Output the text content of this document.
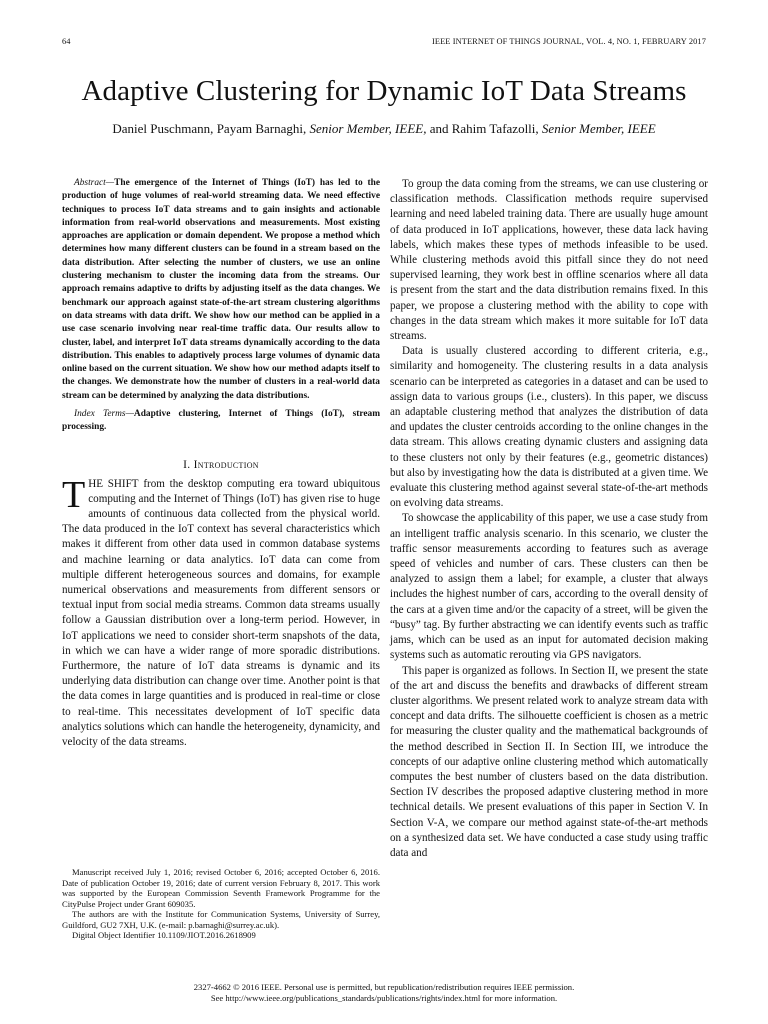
64	IEEE INTERNET OF THINGS JOURNAL, VOL. 4, NO. 1, FEBRUARY 2017
Adaptive Clustering for Dynamic IoT Data Streams
Daniel Puschmann, Payam Barnaghi, Senior Member, IEEE, and Rahim Tafazolli, Senior Member, IEEE

Abstract—The emergence of the Internet of Things (IoT) has led to the production of huge volumes of real-world streaming data. We need effective techniques to process IoT data streams and to gain insights and actionable information from real-world observations and measurements. Most existing approaches are application or domain dependent. We propose a method which determines how many different clusters can be found in a stream based on the data distribution. After selecting the number of clusters, we use an online clustering mechanism to cluster the incoming data from the streams. Our approach remains adaptive to drifts by adjusting itself as the data changes. We benchmark our approach against state-of-the-art stream clustering algorithms on data streams with data drift. We show how our method can be applied in a use case scenario involving near real-time traffic data. Our results allow to cluster, label, and interpret IoT data streams dynamically according to the data distribution. This enables to adaptively process large volumes of dynamic data online based on the current situation. We show how our method adapts itself to the changes. We demonstrate how the number of clusters in a real-world data stream can be determined by analyzing the data distributions.

Index Terms—Adaptive clustering, Internet of Things (IoT), stream processing.

I. Introduction

THE SHIFT from the desktop computing era toward ubiquitous computing and the Internet of Things (IoT) has given rise to huge amounts of continuous data collected from the physical world. The data produced in the IoT context has several characteristics which makes it different from other data used in common database systems and machine learning or data analytics. IoT data can come from multiple different heterogeneous sources and domains, for example numerical observations and measurements from different sensors or textual input from social media streams. Common data streams usually follow a Gaussian distribution over a long-term period. However, in IoT applications we need to consider short-term snapshots of the data, in which we can have a wider range of more sporadic distributions. Furthermore, the nature of IoT data streams is dynamic and its underlying data distribution can change over time. Another point is that the data comes in large quantities and is produced in real-time or close to real-time. This necessitates development of IoT specific data analytics solutions which can handle the heterogeneity, dynamicity, and velocity of the data streams.

To group the data coming from the streams, we can use clustering or classification methods. Classification methods require supervised learning and need labeled training data. There are usually huge amount of data produced in IoT applications, however, these data lack having labels, which makes these types of methods infeasible to be used. While clustering methods avoid this pitfall since they do not need supervised learning, they work best in offline scenarios where all data is present from the start and the data distribution remains fixed. In this paper, we propose a clustering method with the ability to cope with changes in the data stream which makes it more suitable for IoT data streams.

Data is usually clustered according to different criteria, e.g., similarity and homogeneity. The clustering results in a data analysis scenario can be interpreted as categories in a dataset and can be used to assign data to various groups (i.e., clusters). In this paper, we discuss an adaptable clustering method that analyzes the distribution of data and updates the cluster centroids according to the online changes in the data stream. This allows creating dynamic clusters and assigning data to these clusters not only by their features (e.g., geometric distances) but also by investigating how the data is distributed at a given time. We evaluate this clustering method against several state-of-the-art methods on evolving data streams.

To showcase the applicability of this paper, we use a case study from an intelligent traffic analysis scenario. In this scenario, we cluster the traffic sensor measurements according to features such as average speed of vehicles and number of cars. These clusters can then be analyzed to assign them a label; for example, a cluster that always includes the highest number of cars, according to the overall density of the cars at a given time and/or the capacity of a street, will be given the “busy” tag. By further abstracting we can identify events such as traffic jams, which can be used as an input for automated decision making systems such as automatic rerouting via GPS navigators.

This paper is organized as follows. In Section II, we present the state of the art and discuss the benefits and drawbacks of different stream cluster algorithms. We present related work to analyze stream data with concept and data drifts. The silhouette coefficient is chosen as a metric for measuring the cluster quality and the mathematical backgrounds of the method described in Section II. In Section III, we introduce the concepts of our adaptive online clustering method which automatically computes the best number of clusters based on the data distribution. Section IV describes the proposed adaptive clustering method in more technical details. We present evaluations of this paper in Section V. In Section V-A, we compare our method against state-of-the-art methods on a synthesized data set. We have conducted a case study using traffic data and

Manuscript received July 1, 2016; revised October 6, 2016; accepted October 6, 2016. Date of publication October 19, 2016; date of current version February 8, 2017. This work was supported by the European Commission Seventh Framework Programme for the CityPulse Project under Grant 609035.

The authors are with the Institute for Communication Systems, University of Surrey, Guildford, GU2 7XH, U.K. (e-mail: p.barnaghi@surrey.ac.uk).

Digital Object Identifier 10.1109/JIOT.2016.2618909

2327-4662 © 2016 IEEE. Personal use is permitted, but republication/redistribution requires IEEE permission.
See http://www.ieee.org/publications_standards/publications/rights/index.html for more information.
